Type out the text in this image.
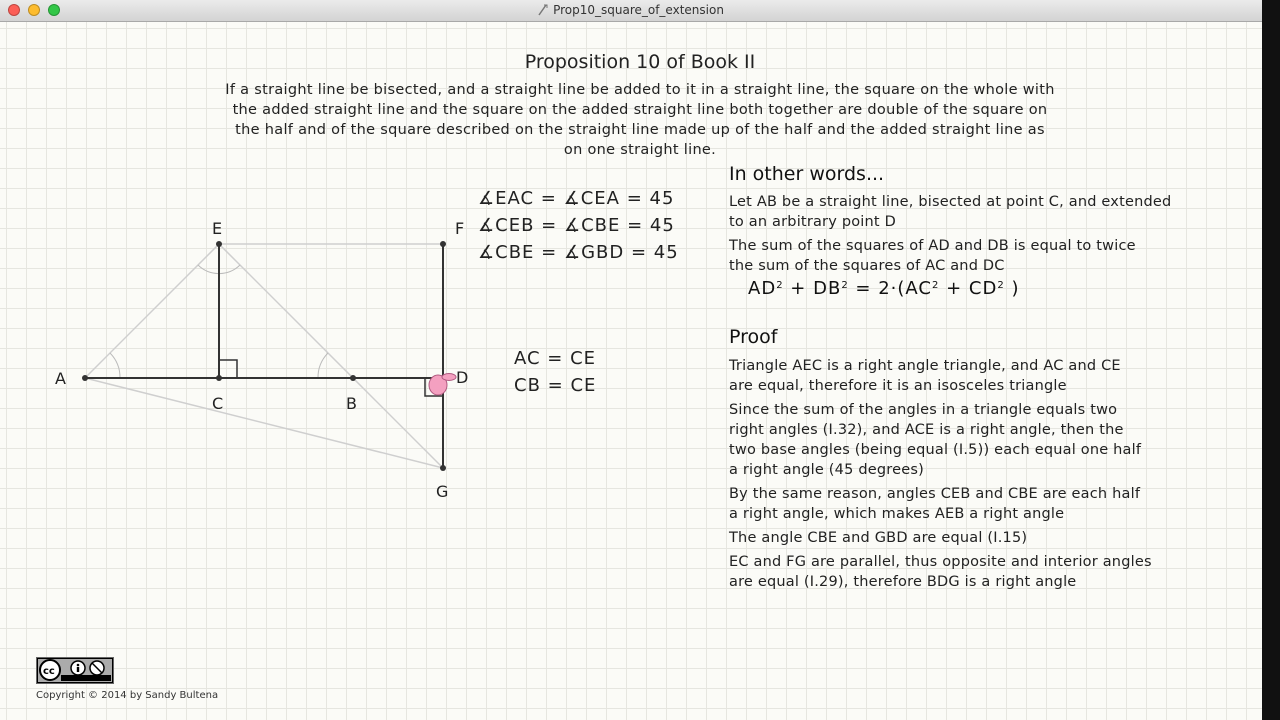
Prop10_square_of_extension
Proposition 10 of Book II
If a straight line be bisected, and a straight line be added to it in a straight line, the square on the whole with
the added straight line and the square on the added straight line both together are double of the square on
the half and of the square described on the straight line made up of the half and the added straight line as
on one straight line.
A
C	B
D
E	F
G
∡EAC = ∡CEA = 45
∡CEB = ∡CBE = 45
∡CBE = ∡GBD = 45
AC = CE
CB = CE
In other words...
Let AB be a straight line, bisected at point C, and extended
to an arbitrary point D
The sum of the squares of AD and DB is equal to twice
the sum of the squares of AC and DC
$AD^2 + DB^2 = 2\cdot(AC^2 + CD^2$ )
Proof
Triangle AEC is a right angle triangle, and AC and CE
are equal, therefore it is an isosceles triangle
Since the sum of the angles in a triangle equals two
right angles (I.32), and ACE is a right angle, then the
two base angles (being equal (I.5)) each equal one half
a right angle (45 degrees)
By the same reason, angles CEB and CBE are each half
a right angle, which makes AEB a right angle
The angle CBE and GBD are equal (I.15)
EC and FG are parallel, thus opposite and interior angles
are equal (I.29), therefore BDG is a right angle
cc
Copyright © 2014 by Sandy Bultena
